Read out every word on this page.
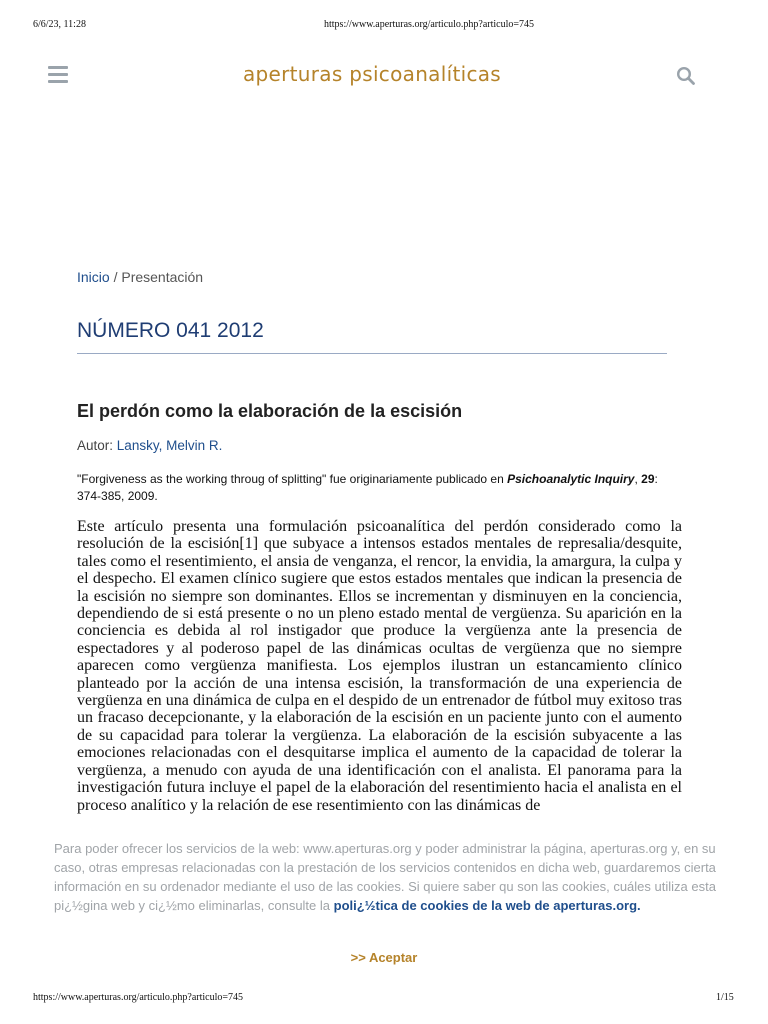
6/6/23, 11:28	https://www.aperturas.org/articulo.php?articulo=745
aperturas psicoanalíticas
Inicio / Presentación
NÚMERO 041 2012
El perdón como la elaboración de la escisión
Autor: Lansky, Melvin R.
"Forgiveness as the working throug of splitting" fue originariamente publicado en Psichoanalytic Inquiry, 29: 374-385, 2009.

Este artículo presenta una formulación psicoanalítica del perdón considerado como la resolución de la escisión[1] que subyace a intensos estados mentales de represalia/desquite, tales como el resentimiento, el ansia de venganza, el rencor, la envidia, la amargura, la culpa y el despecho. El examen clínico sugiere que estos estados mentales que indican la presencia de la escisión no siempre son dominantes. Ellos se incrementan y disminuyen en la conciencia, dependiendo de si está presente o no un pleno estado mental de vergüenza. Su aparición en la conciencia es debida al rol instigador que produce la vergüenza ante la presencia de espectadores y al poderoso papel de las dinámicas ocultas de vergüenza que no siempre aparecen como vergüenza manifiesta. Los ejemplos ilustran un estancamiento clínico planteado por la acción de una intensa escisión, la transformación de una experiencia de vergüenza en una dinámica de culpa en el despido de un entrenador de fútbol muy exitoso tras un fracaso decepcionante, y la elaboración de la escisión en un paciente junto con el aumento de su capacidad para tolerar la vergüenza. La elaboración de la escisión subyacente a las emociones relacionadas con el desquitarse implica el aumento de la capacidad de tolerar la vergüenza, a menudo con ayuda de una identificación con el analista. El panorama para la investigación futura incluye el papel de la elaboración del resentimiento hacia el analista en el proceso analítico y la relación de ese resentimiento con las dinámicas de

Para poder ofrecer los servicios de la web: www.aperturas.org y poder administrar la página, aperturas.org y, en su caso, otras empresas relacionadas con la prestación de los servicios contenidos en dicha web, guardaremos cierta información en su ordenador mediante el uso de las cookies. Si quiere saber qu son las cookies, cuáles utiliza esta pi¿½gina web y ci¿½mo eliminarlas, consulte la poli¿½tica de cookies de la web de aperturas.org.
>> Aceptar
https://www.aperturas.org/articulo.php?articulo=745	1/15
